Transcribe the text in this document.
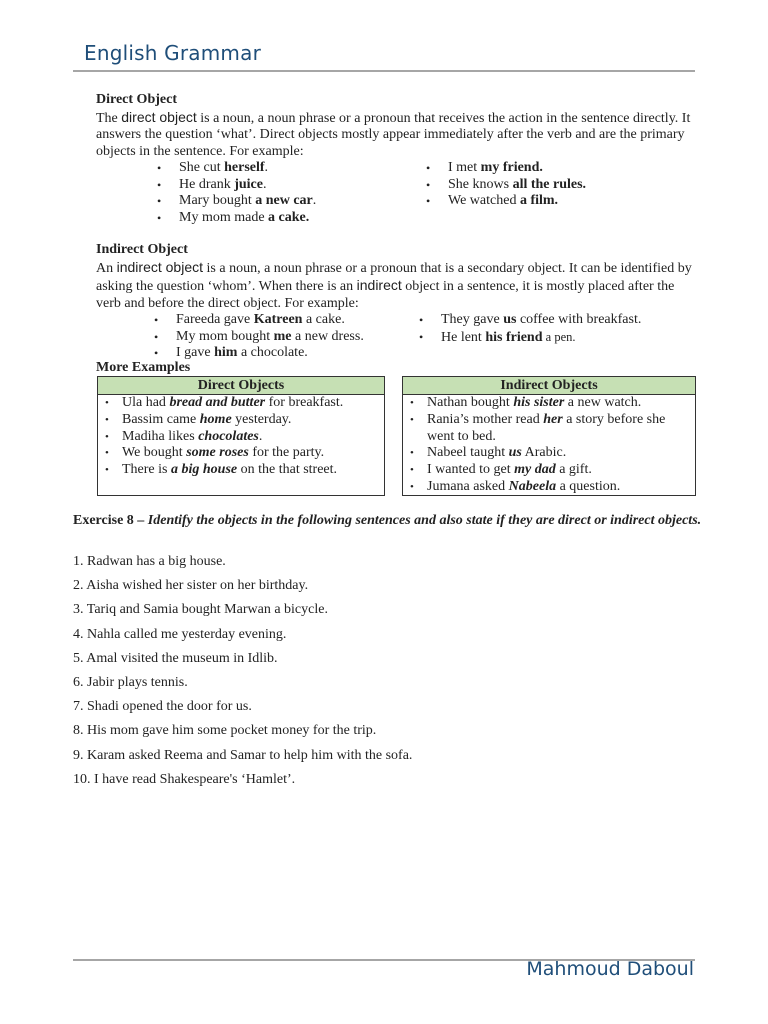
English Grammar
Direct Object

The direct object is a noun, a noun phrase or a pronoun that receives the action in the sentence directly. It answers the question ‘what’. Direct objects mostly appear immediately after the verb and are the primary objects in the sentence. For example:

• She cut herself.
• He drank juice.
• Mary bought a new car.
• My mom made a cake.
• I met my friend.
• She knows all the rules.
• We watched a film.
Indirect Object

An indirect object is a noun, a noun phrase or a pronoun that is a secondary object. It can be identified by asking the question ‘whom’. When there is an indirect object in a sentence, it is mostly placed after the verb and before the direct object. For example:

• Fareeda gave Katreen a cake.
• My mom bought me a new dress.
• I gave him a chocolate.
• They gave us coffee with breakfast.
• He lent his friend a pen.
More Examples
Direct Objects
• Ula had bread and butter for breakfast.
• Bassim came home yesterday.
• Madiha likes chocolates.
• We bought some roses for the party.
• There is a big house on the that street.
Indirect Objects
• Nathan bought his sister a new watch.
• Rania’s mother read her a story before she went to bed.
• Nabeel taught us Arabic.
• I wanted to get my dad a gift.
• Jumana asked Nabeela a question.
Exercise 8 – Identify the objects in the following sentences and also state if they are direct or indirect objects.
1. Radwan has a big house.
2. Aisha wished her sister on her birthday.
3. Tariq and Samia bought Marwan a bicycle.
4. Nahla called me yesterday evening.
5. Amal visited the museum in Idlib.
6. Jabir plays tennis.
7. Shadi opened the door for us.
8. His mom gave him some pocket money for the trip.
9. Karam asked Reema and Samar to help him with the sofa.
10. I have read Shakespeare's ‘Hamlet’.
Mahmoud Daboul
